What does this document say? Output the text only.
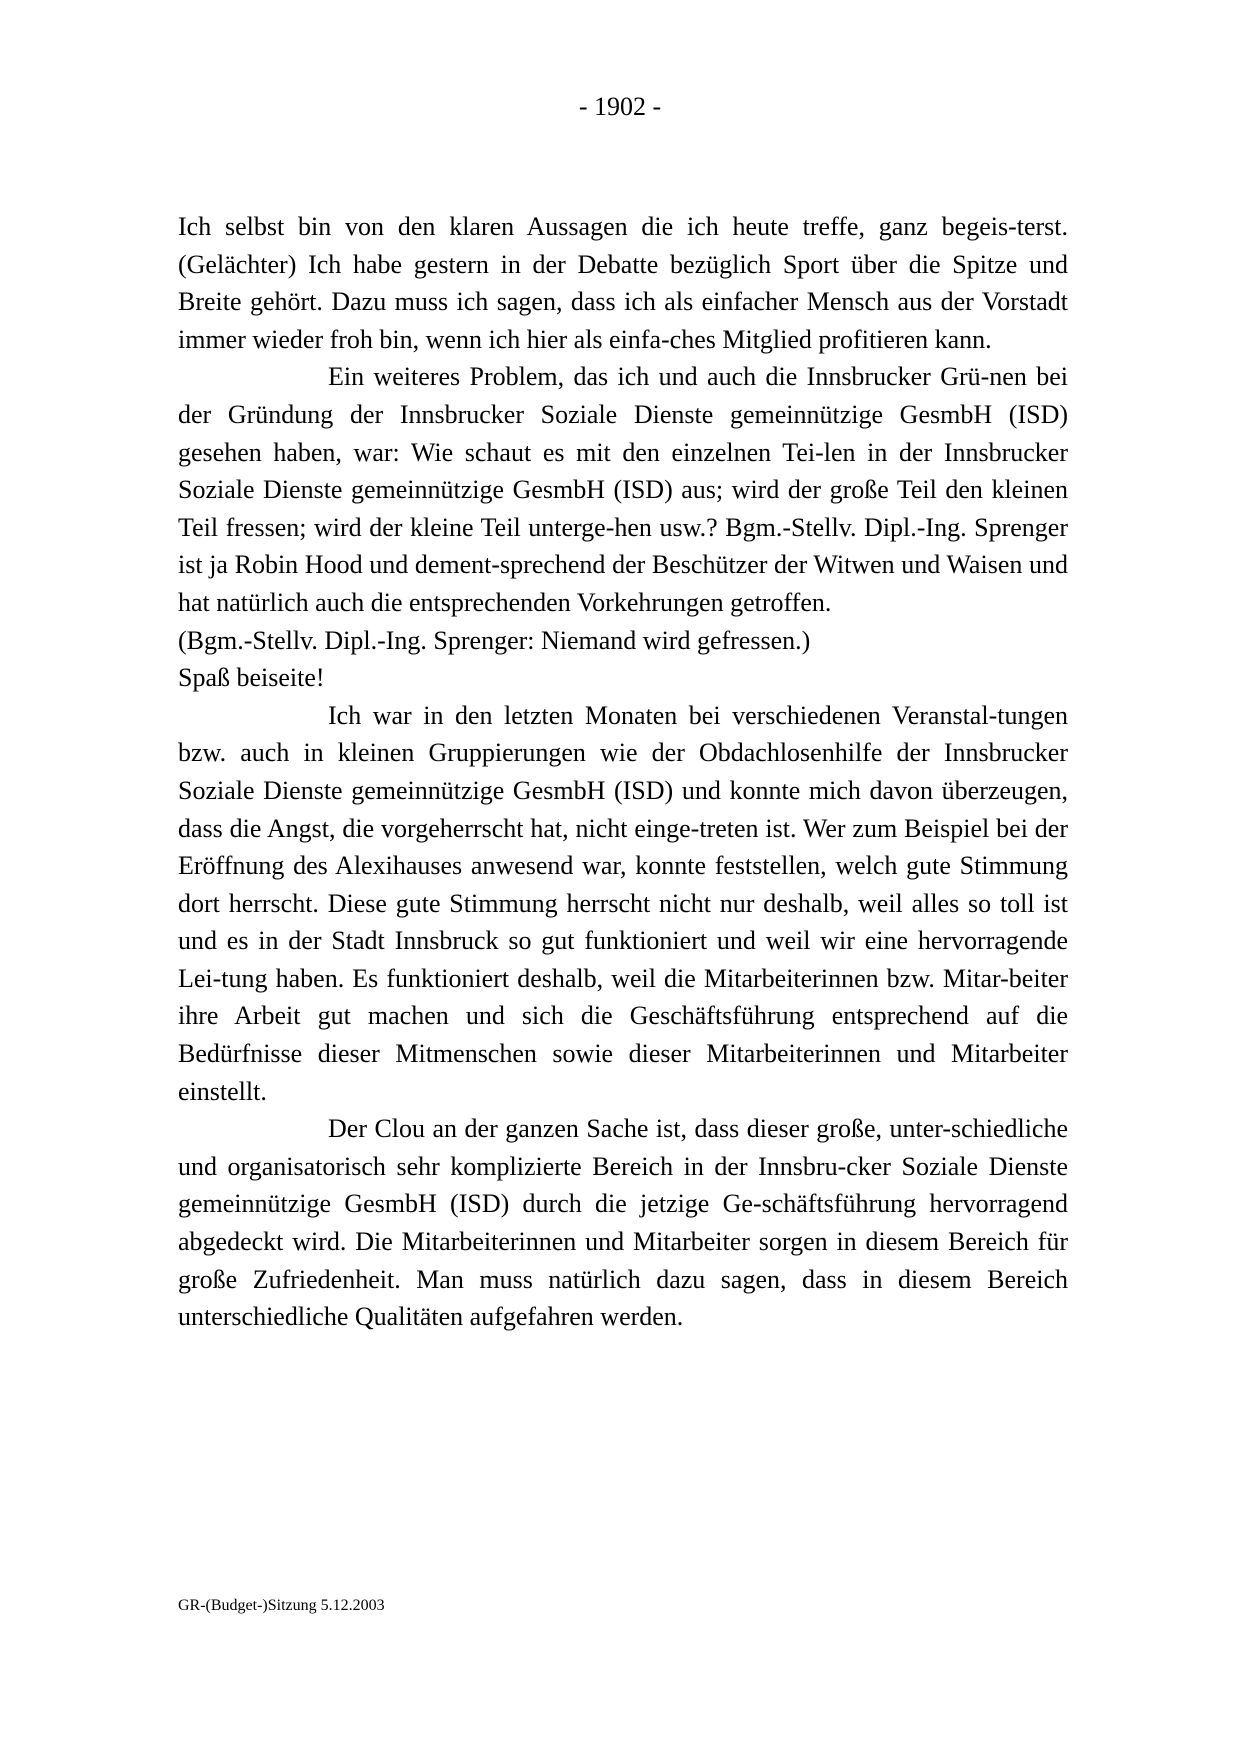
- 1902 -

Ich selbst bin von den klaren Aussagen die ich heute treffe, ganz begeis-terst. (Gelächter) Ich habe gestern in der Debatte bezüglich Sport über die Spitze und Breite gehört. Dazu muss ich sagen, dass ich als einfacher Mensch aus der Vorstadt immer wieder froh bin, wenn ich hier als einfa-ches Mitglied profitieren kann.

Ein weiteres Problem, das ich und auch die Innsbrucker Grü-nen bei der Gründung der Innsbrucker Soziale Dienste gemeinnützige GesmbH (ISD) gesehen haben, war: Wie schaut es mit den einzelnen Tei-len in der Innsbrucker Soziale Dienste gemeinnützige GesmbH (ISD) aus; wird der große Teil den kleinen Teil fressen; wird der kleine Teil unterge-hen usw.? Bgm.-Stellv. Dipl.-Ing. Sprenger ist ja Robin Hood und dement-sprechend der Beschützer der Witwen und Waisen und hat natürlich auch die entsprechenden Vorkehrungen getroffen.

(Bgm.-Stellv. Dipl.-Ing. Sprenger: Niemand wird gefressen.)

Spaß beiseite!

Ich war in den letzten Monaten bei verschiedenen Veranstal-tungen bzw. auch in kleinen Gruppierungen wie der Obdachlosenhilfe der Innsbrucker Soziale Dienste gemeinnützige GesmbH (ISD) und konnte mich davon überzeugen, dass die Angst, die vorgeherrscht hat, nicht einge-treten ist. Wer zum Beispiel bei der Eröffnung des Alexihauses anwesend war, konnte feststellen, welch gute Stimmung dort herrscht. Diese gute Stimmung herrscht nicht nur deshalb, weil alles so toll ist und es in der Stadt Innsbruck so gut funktioniert und weil wir eine hervorragende Lei-tung haben. Es funktioniert deshalb, weil die Mitarbeiterinnen bzw. Mitar-beiter ihre Arbeit gut machen und sich die Geschäftsführung entsprechend auf die Bedürfnisse dieser Mitmenschen sowie dieser Mitarbeiterinnen und Mitarbeiter einstellt.

Der Clou an der ganzen Sache ist, dass dieser große, unter-schiedliche und organisatorisch sehr komplizierte Bereich in der Innsbru-cker Soziale Dienste gemeinnützige GesmbH (ISD) durch die jetzige Ge-schäftsführung hervorragend abgedeckt wird. Die Mitarbeiterinnen und Mitarbeiter sorgen in diesem Bereich für große Zufriedenheit. Man muss natürlich dazu sagen, dass in diesem Bereich unterschiedliche Qualitäten aufgefahren werden.

GR-(Budget-)Sitzung 5.12.2003
